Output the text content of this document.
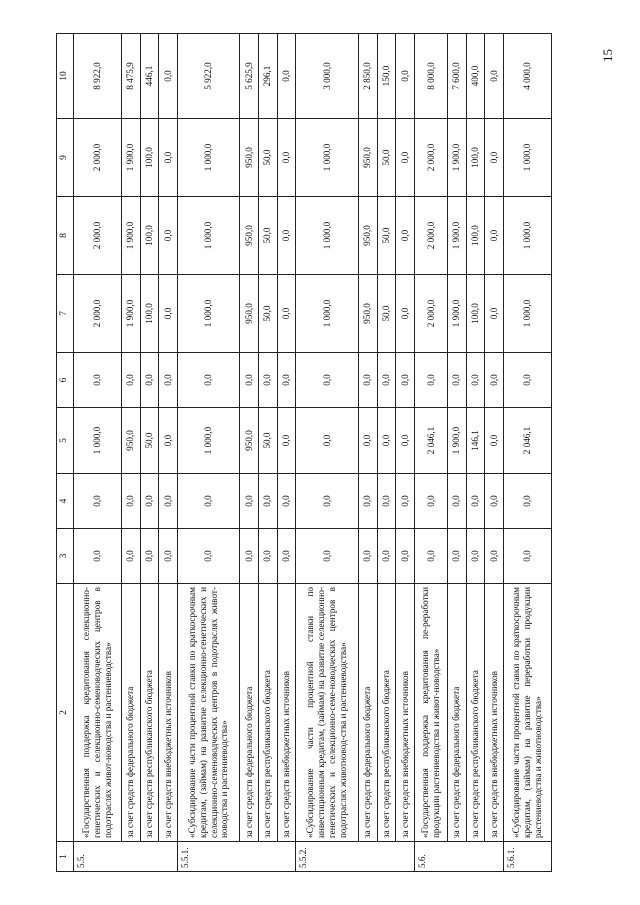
15
1	2	3	4	5	6	7	8	9	10
5.5.	«Государственная поддержка кредитования селекционно-генетических и селекционно-семеноводческих центров в подотраслях живот-новодства и растениеводства»	0,0	0,0	1 000,0	0,0	2 000,0	2 000,0	2 000,0	8 922,0
	за счет средств федерального бюджета	0,0	0,0	950,0	0,0	1 900,0	1 900,0	1 900,0	8 475,9
	за счет средств республиканского бюджета	0,0	0,0	50,0	0,0	100,0	100,0	100,0	446,1
	за счет средств внебюджетных источников	0,0	0,0	0,0	0,0	0,0	0,0	0,0	0,0
5.5.1.	«Субсидирование части процентной ставки по краткосрочным кредитам, (займам) на развитие селекционно-генетических и селекционно-семеноводческих центров в подотраслях живот-новодства и растениеводства»	0,0	0,0	1 000,0	0,0	1 000,0	1 000,0	1 000,0	5 922,0
	за счет средств федерального бюджета	0,0	0,0	950,0	0,0	950,0	950,0	950,0	5 625,9
	за счет средств республиканского бюджета	0,0	0,0	50,0	0,0	50,0	50,0	50,0	296,1
	за счет средств внебюджетных источников	0,0	0,0	0,0	0,0	0,0	0,0	0,0	0,0
5.5.2.	«Субсидирование части процентной ставки по инвестиционным кредитам, (займам) на развитие селекционно-генетических и селекционно-семе-новодческих центров в подотраслях животновод-ства и растениеводства»	0,0	0,0	0,0	0,0	1 000,0	1 000,0	1 000,0	3 000,0
	за счет средств федерального бюджета	0,0	0,0	0,0	0,0	950,0	950,0	950,0	2 850,0
	за счет средств республиканского бюджета	0,0	0,0	0,0	0,0	50,0	50,0	50,0	150,0
	за счет средств внебюджетных источников	0,0	0,0	0,0	0,0	0,0	0,0	0,0	0,0
5.6.	«Государственная поддержка кредитования пе-реработки продукции растениеводства и живот-новодства»	0,0	0,0	2 046,1	0,0	2 000,0	2 000,0	2 000,0	8 000,0
	за счет средств федерального бюджета	0,0	0,0	1 900,0	0,0	1 900,0	1 900,0	1 900,0	7 600,0
	за счет средств республиканского бюджета	0,0	0,0	146,1	0,0	100,0	100,0	100,0	400,0
	за счет средств внебюджетных источников	0,0	0,0	0,0	0,0	0,0	0,0	0,0	0,0
5.6.1.	«Субсидирование части процентной ставки по краткосрочным кредитам, (займам) на развитие переработки продукции растениеводства и животноводства»	0,0	0,0	2 046,1	0,0	1 000,0	1 000,0	1 000,0	4 000,0
